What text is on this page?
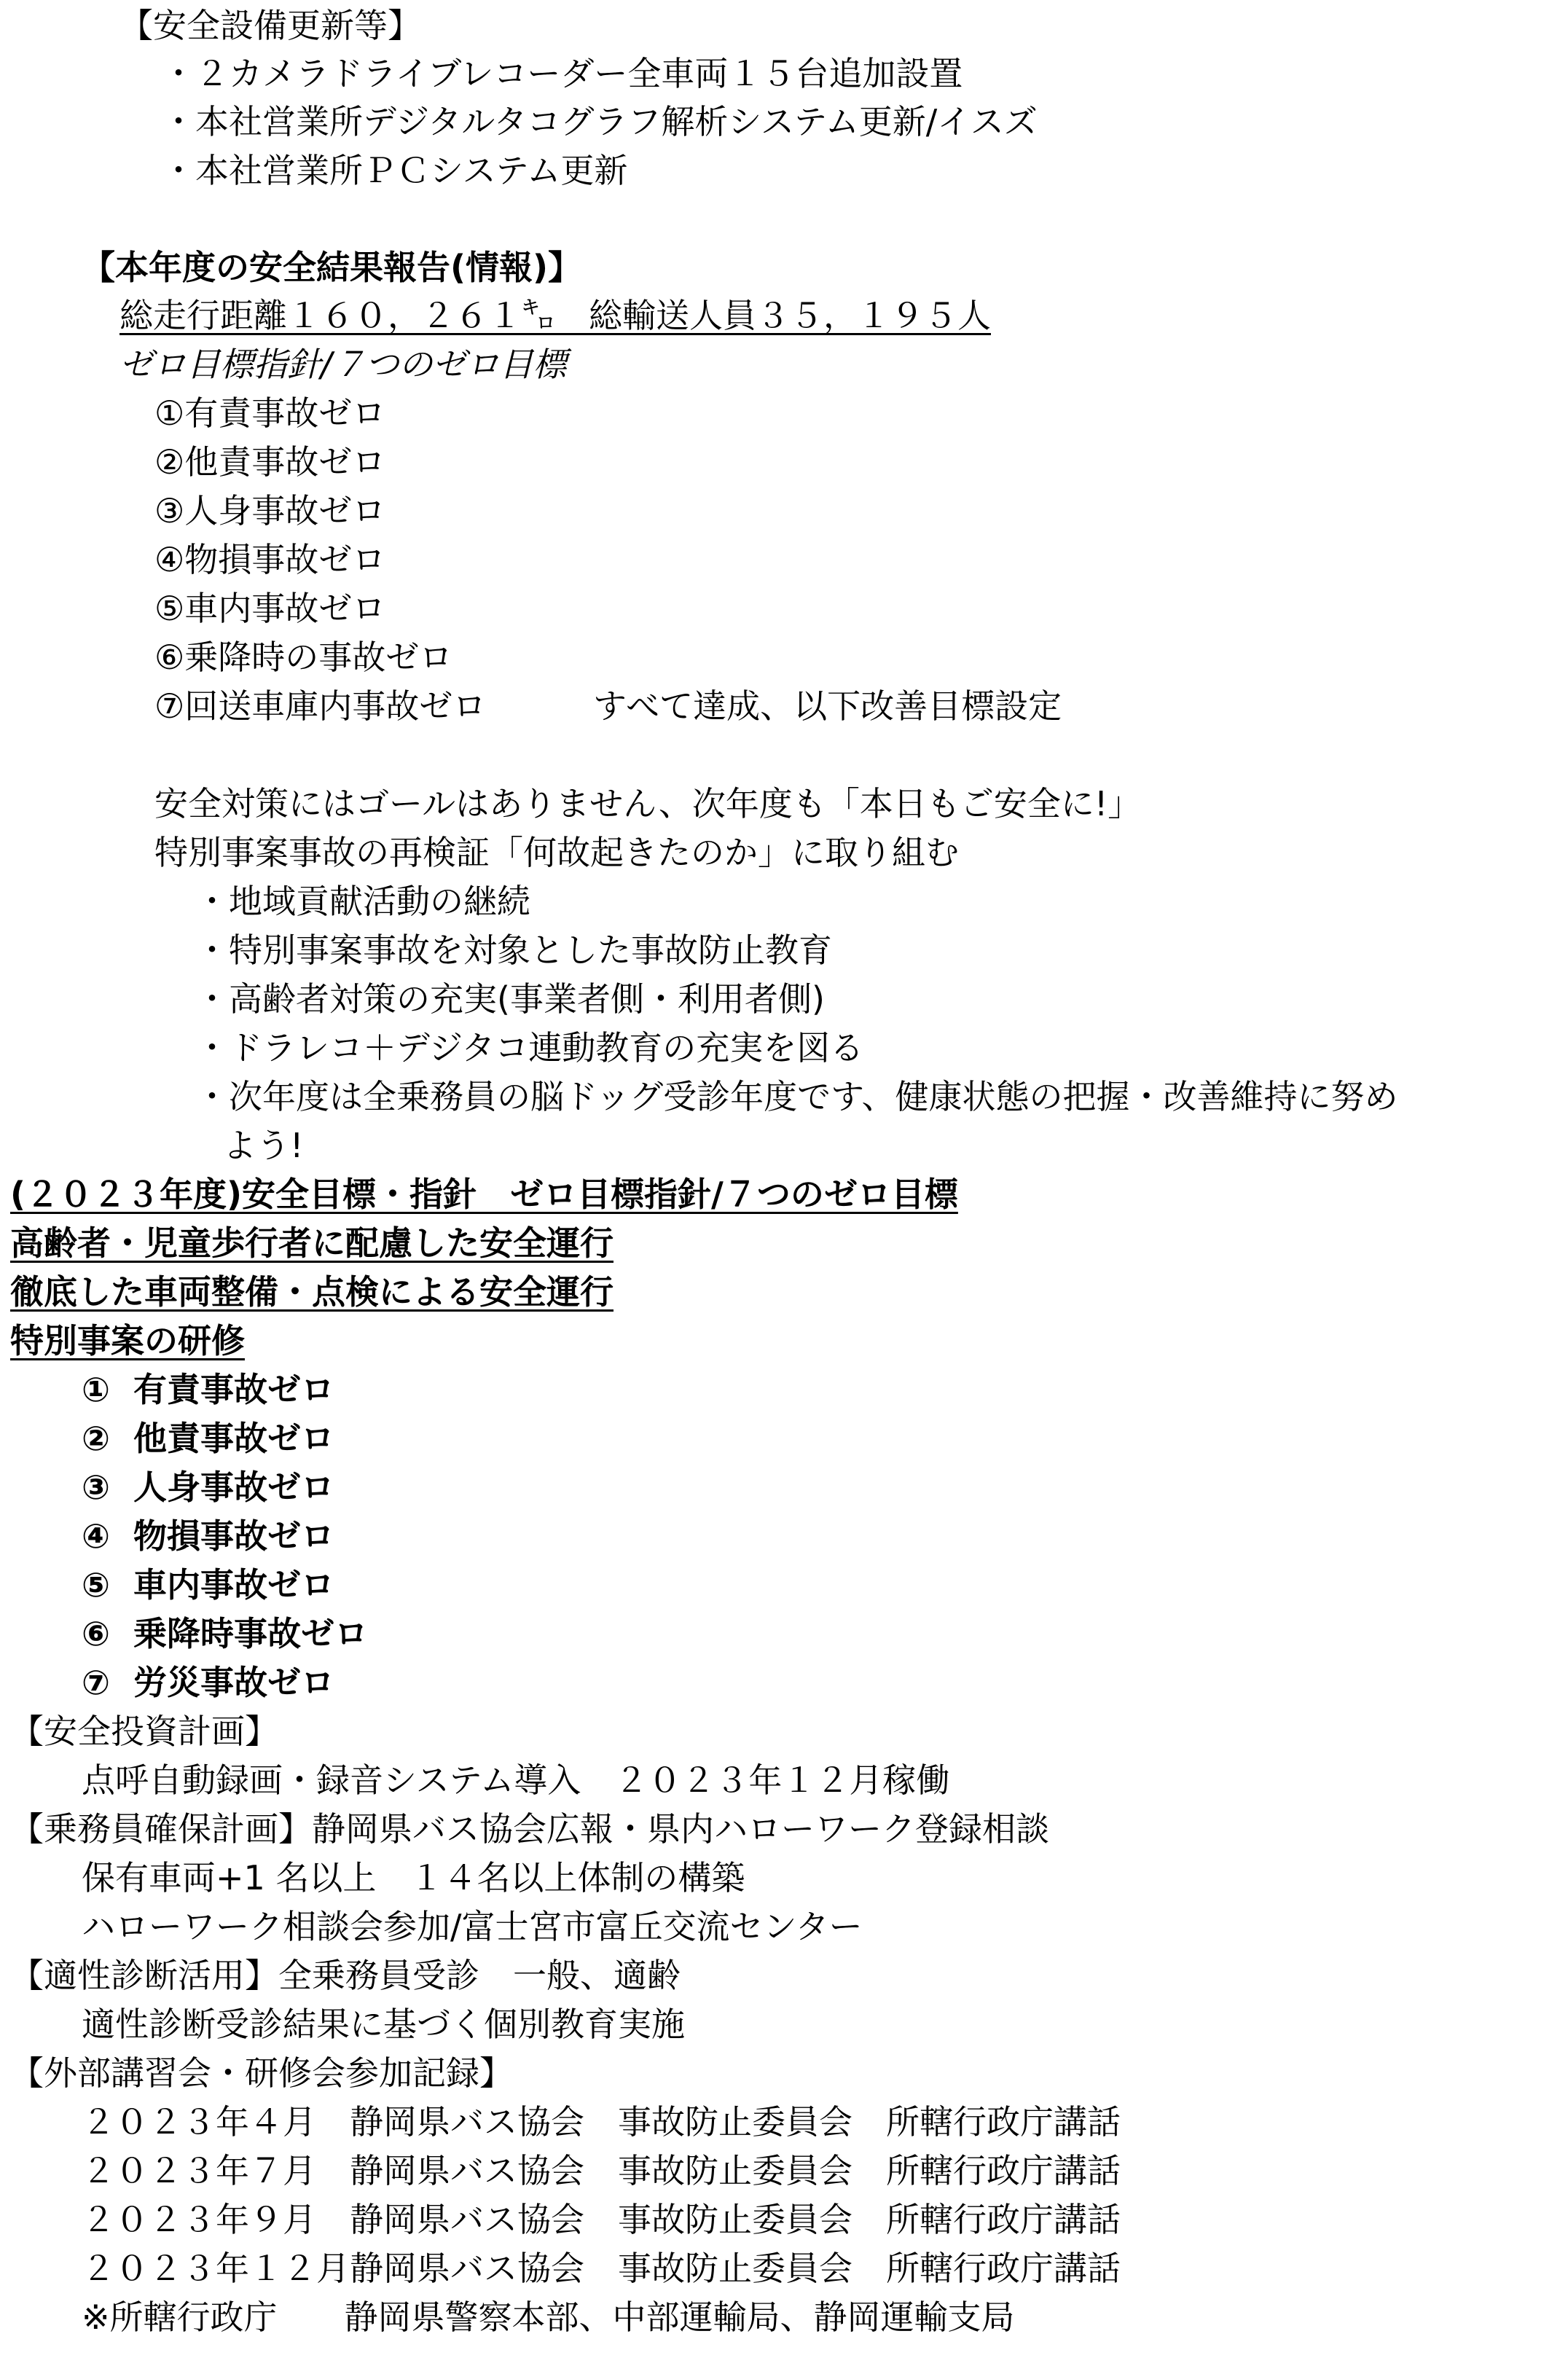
【安全設備更新等】
・２カメラドライブレコーダー全車両１５台追加設置
・本社営業所デジタルタコグラフ解析システム更新/イスズ
・本社営業所ＰＣシステム更新
【本年度の安全結果報告(情報)】
総走行距離１６０，２６１㌔　総輸送人員３５，１９５人
ゼロ目標指針/７つのゼロ目標
①有責事故ゼロ
②他責事故ゼロ
③人身事故ゼロ
④物損事故ゼロ
⑤車内事故ゼロ
⑥乗降時の事故ゼロ
⑦回送車庫内事故ゼロ	すべて達成、以下改善目標設定
安全対策にはゴールはありません、次年度も「本日もご安全に!」
特別事案事故の再検証「何故起きたのか」に取り組む
・地域貢献活動の継続
・特別事案事故を対象とした事故防止教育
・高齢者対策の充実(事業者側・利用者側)
・ドラレコ＋デジタコ連動教育の充実を図る
・次年度は全乗務員の脳ドッグ受診年度です、健康状態の把握・改善維持に努め
よう!
(２０２３年度)安全目標・指針　ゼロ目標指針/７つのゼロ目標
高齢者・児童歩行者に配慮した安全運行
徹底した車両整備・点検による安全運行
特別事案の研修
①  有責事故ゼロ
②  他責事故ゼロ
③  人身事故ゼロ
④  物損事故ゼロ
⑤  車内事故ゼロ
⑥  乗降時事故ゼロ
⑦  労災事故ゼロ
【安全投資計画】
点呼自動録画・録音システム導入　２０２３年１２月稼働
【乗務員確保計画】静岡県バス協会広報・県内ハローワーク登録相談
保有車両+1 名以上　１４名以上体制の構築
ハローワーク相談会参加/富士宮市富丘交流センター
【適性診断活用】全乗務員受診　一般、適齢
適性診断受診結果に基づく個別教育実施
【外部講習会・研修会参加記録】
２０２３年４月　静岡県バス協会　事故防止委員会　所轄行政庁講話
２０２３年７月　静岡県バス協会　事故防止委員会　所轄行政庁講話
２０２３年９月　静岡県バス協会　事故防止委員会　所轄行政庁講話
２０２３年１２月静岡県バス協会　事故防止委員会　所轄行政庁講話
※所轄行政庁　　静岡県警察本部、中部運輸局、静岡運輸支局
